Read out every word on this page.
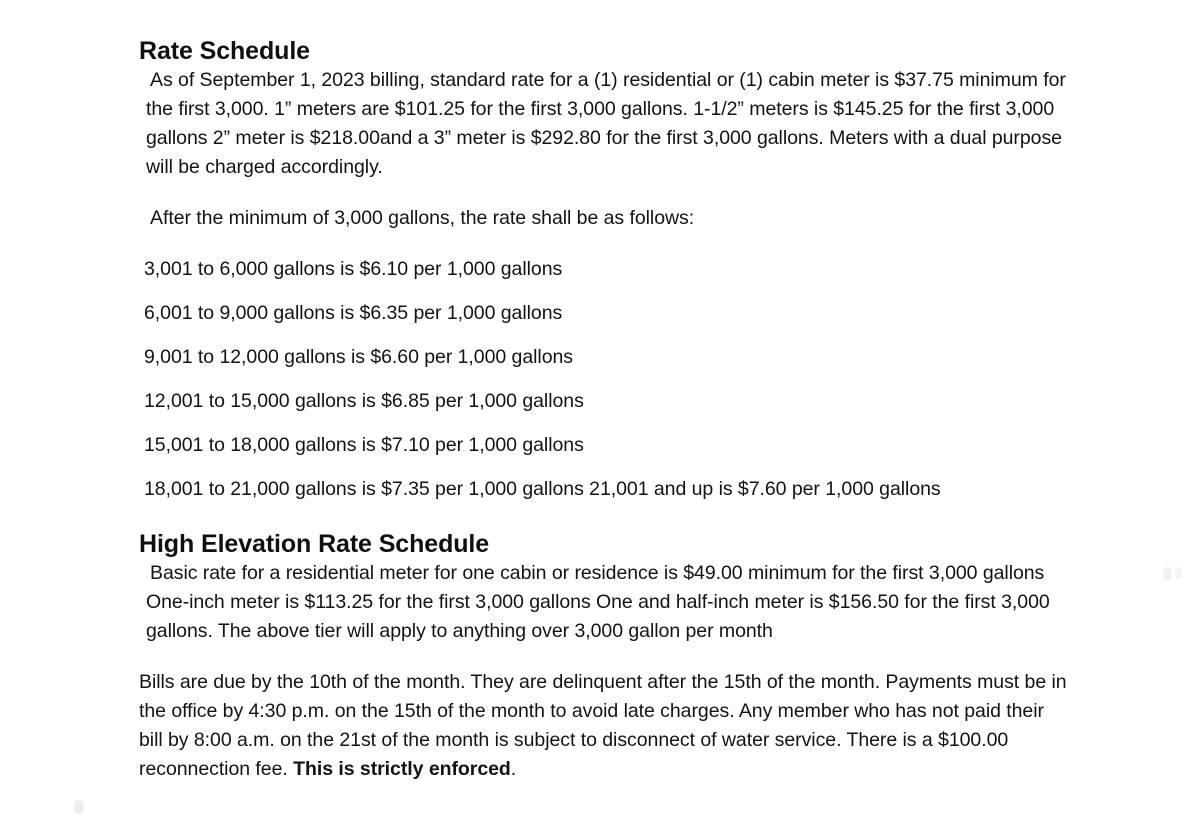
Rate Schedule

As of September 1, 2023 billing, standard rate for a (1) residential or (1) cabin meter is $37.75 minimum for the first 3,000. 1” meters are $101.25 for the first 3,000 gallons. 1-1/2” meters is $145.25 for the first 3,000 gallons 2” meter is $218.00and a 3” meter is $292.80 for the first 3,000 gallons. Meters with a dual purpose will be charged accordingly.

After the minimum of 3,000 gallons, the rate shall be as follows:

3,001 to 6,000 gallons is $6.10 per 1,000 gallons
6,001 to 9,000 gallons is $6.35 per 1,000 gallons
9,001 to 12,000 gallons is $6.60 per 1,000 gallons
12,001 to 15,000 gallons is $6.85 per 1,000 gallons
15,001 to 18,000 gallons is $7.10 per 1,000 gallons
18,001 to 21,000 gallons is $7.35 per 1,000 gallons 21,001 and up is $7.60 per 1,000 gallons
High Elevation Rate Schedule

Basic rate for a residential meter for one cabin or residence is $49.00 minimum for the first 3,000 gallons One-inch meter is $113.25 for the first 3,000 gallons One and half-inch meter is $156.50 for the first 3,000 gallons. The above tier will apply to anything over 3,000 gallon per month

Bills are due by the 10th of the month. They are delinquent after the 15th of the month. Payments must be in the office by 4:30 p.m. on the 15th of the month to avoid late charges. Any member who has not paid their bill by 8:00 a.m. on the 21st of the month is subject to disconnect of water service. There is a $100.00 reconnection fee. This is strictly enforced.
